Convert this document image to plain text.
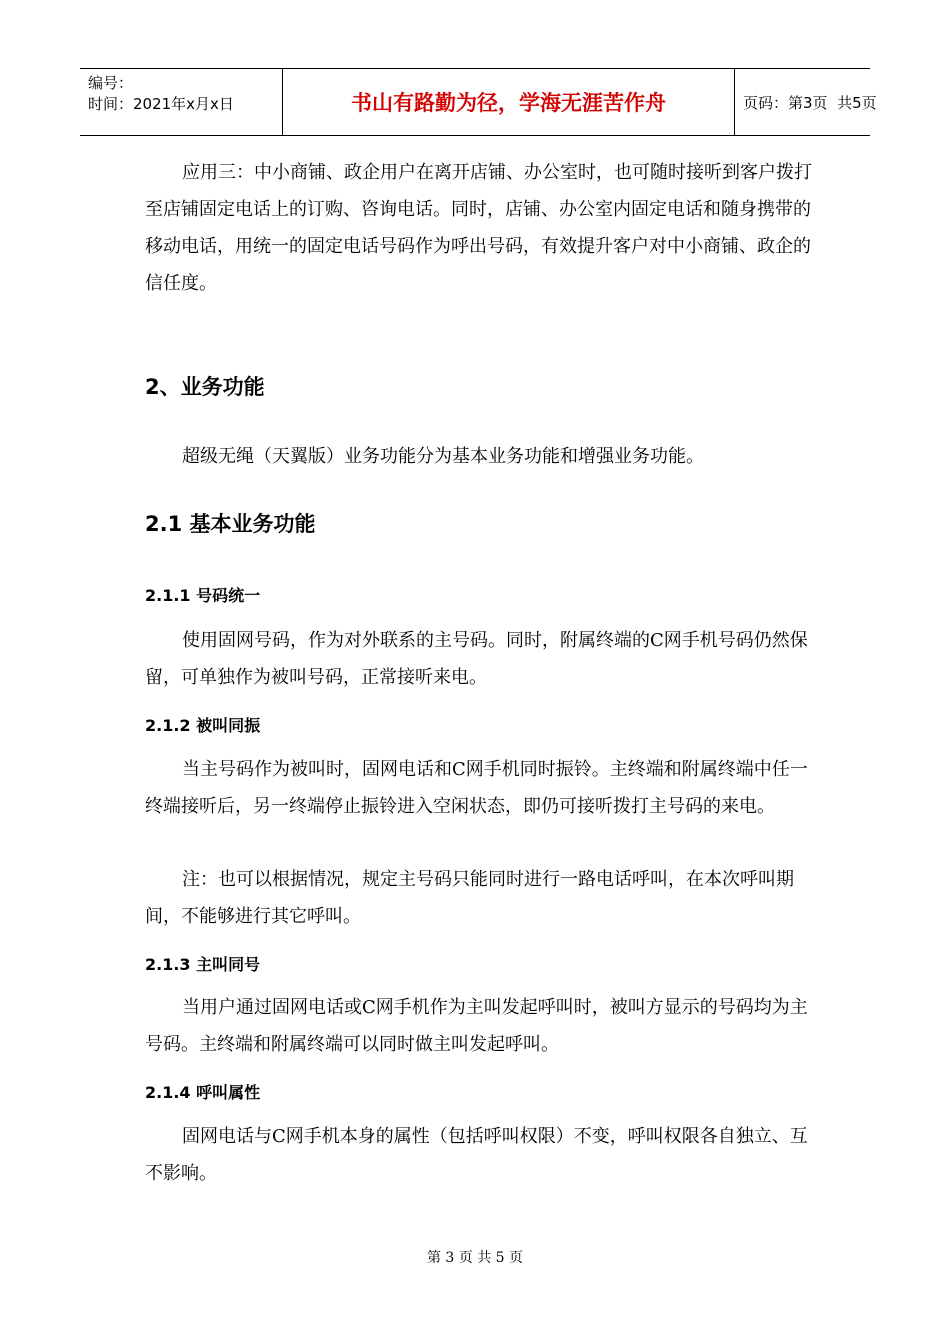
编号：
时间：2021年x月x日	书山有路勤为径，学海无涯苦作舟	页码：第3页  共5页

应用三：中小商铺、政企用户在离开店铺、办公室时，也可随时接听到客户拨打至店铺固定电话上的订购、咨询电话。同时，店铺、办公室内固定电话和随身携带的移动电话，用统一的固定电话号码作为呼出号码，有效提升客户对中小商铺、政企的信任度。

2、业务功能

超级无绳（天翼版）业务功能分为基本业务功能和增强业务功能。

2.1 基本业务功能
2.1.1 号码统一

使用固网号码，作为对外联系的主号码。同时，附属终端的C网手机号码仍然保留，可单独作为被叫号码，正常接听来电。

2.1.2 被叫同振

当主号码作为被叫时，固网电话和C网手机同时振铃。主终端和附属终端中任一终端接听后，另一终端停止振铃进入空闲状态，即仍可接听拨打主号码的来电。

注：也可以根据情况，规定主号码只能同时进行一路电话呼叫，在本次呼叫期间，不能够进行其它呼叫。

2.1.3 主叫同号

当用户通过固网电话或C网手机作为主叫发起呼叫时，被叫方显示的号码均为主号码。主终端和附属终端可以同时做主叫发起呼叫。

2.1.4 呼叫属性

固网电话与C网手机本身的属性（包括呼叫权限）不变，呼叫权限各自独立、互不影响。

第 3 页 共 5 页
